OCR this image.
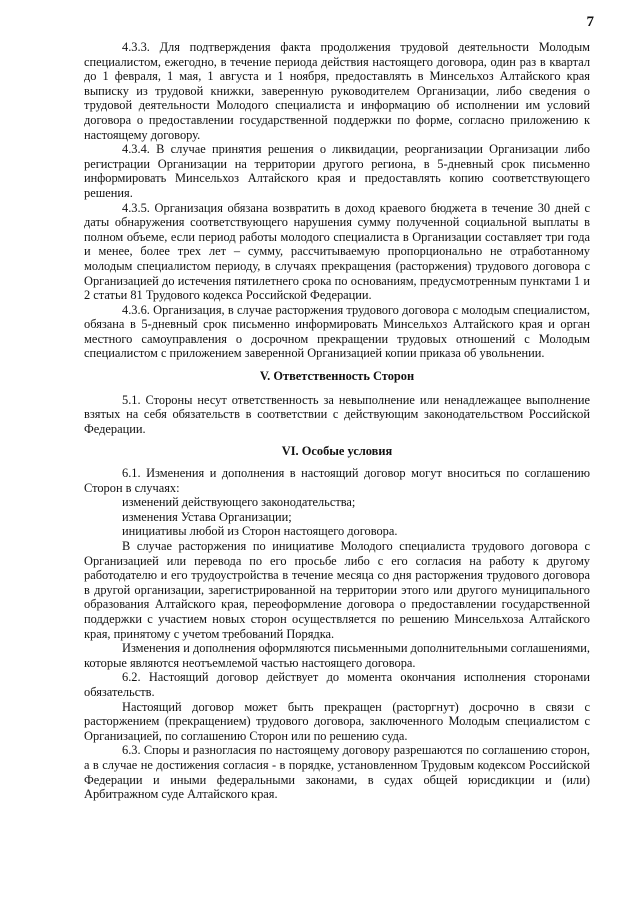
7

4.3.3. Для подтверждения факта продолжения трудовой деятельности Молодым специалистом, ежегодно, в течение периода действия настоящего договора, один раз в квартал до 1 февраля, 1 мая, 1 августа и 1 ноября, предоставлять в Минсельхоз Алтайского края выписку из трудовой книжки, заверенную руководителем Организации, либо сведения о трудовой деятельности Молодого специалиста и информацию об исполнении им условий договора о предоставлении государственной поддержки по форме, согласно приложению к настоящему договору.

4.3.4. В случае принятия решения о ликвидации, реорганизации Организации либо регистрации Организации на территории другого региона, в 5-дневный срок письменно информировать Минсельхоз Алтайского края и предоставлять копию соответствующего решения.

4.3.5. Организация обязана возвратить в доход краевого бюджета в течение 30 дней с даты обнаружения соответствующего нарушения сумму полученной социальной выплаты в полном объеме, если период работы молодого специалиста в Организации составляет три года и менее, более трех лет – сумму, рассчитываемую пропорционально не отработанному молодым специалистом периоду, в случаях прекращения (расторжения) трудового договора с Организацией до истечения пятилетнего срока по основаниям, предусмотренным пунктами 1 и 2 статьи 81 Трудового кодекса Российской Федерации.

4.3.6. Организация, в случае расторжения трудового договора с молодым специалистом, обязана в 5-дневный срок письменно информировать Минсельхоз Алтайского края и орган местного самоуправления о досрочном прекращении трудовых отношений с Молодым специалистом с приложением заверенной Организацией копии приказа об увольнении.

V. Ответственность Сторон

5.1. Стороны несут ответственность за невыполнение или ненадлежащее выполнение взятых на себя обязательств в соответствии с действующим законодательством Российской Федерации.

VI. Особые условия

6.1. Изменения и дополнения в настоящий договор могут вноситься по соглашению Сторон в случаях:

изменений действующего законодательства;

изменения Устава Организации;

инициативы любой из Сторон настоящего договора.

В случае расторжения по инициативе Молодого специалиста трудового договора с Организацией или перевода по его просьбе либо с его согласия на работу к другому работодателю и его трудоустройства в течение месяца со дня расторжения трудового договора в другой организации, зарегистрированной на территории этого или другого муниципального образования Алтайского края, переоформление договора о предоставлении государственной поддержки с участием новых сторон осуществляется по решению Минсельхоза Алтайского края, принятому с учетом требований Порядка.

Изменения и дополнения оформляются письменными дополнительными соглашениями, которые являются неотъемлемой частью настоящего договора.

6.2. Настоящий договор действует до момента окончания исполнения сторонами обязательств.

Настоящий договор может быть прекращен (расторгнут) досрочно в связи с расторжением (прекращением) трудового договора, заключенного Молодым специалистом с Организацией, по соглашению Сторон или по решению суда.

6.3. Споры и разногласия по настоящему договору разрешаются по соглашению сторон, а в случае не достижения согласия - в порядке, установленном Трудовым кодексом Российской Федерации и иными федеральными законами, в судах общей юрисдикции и (или) Арбитражном суде Алтайского края.
